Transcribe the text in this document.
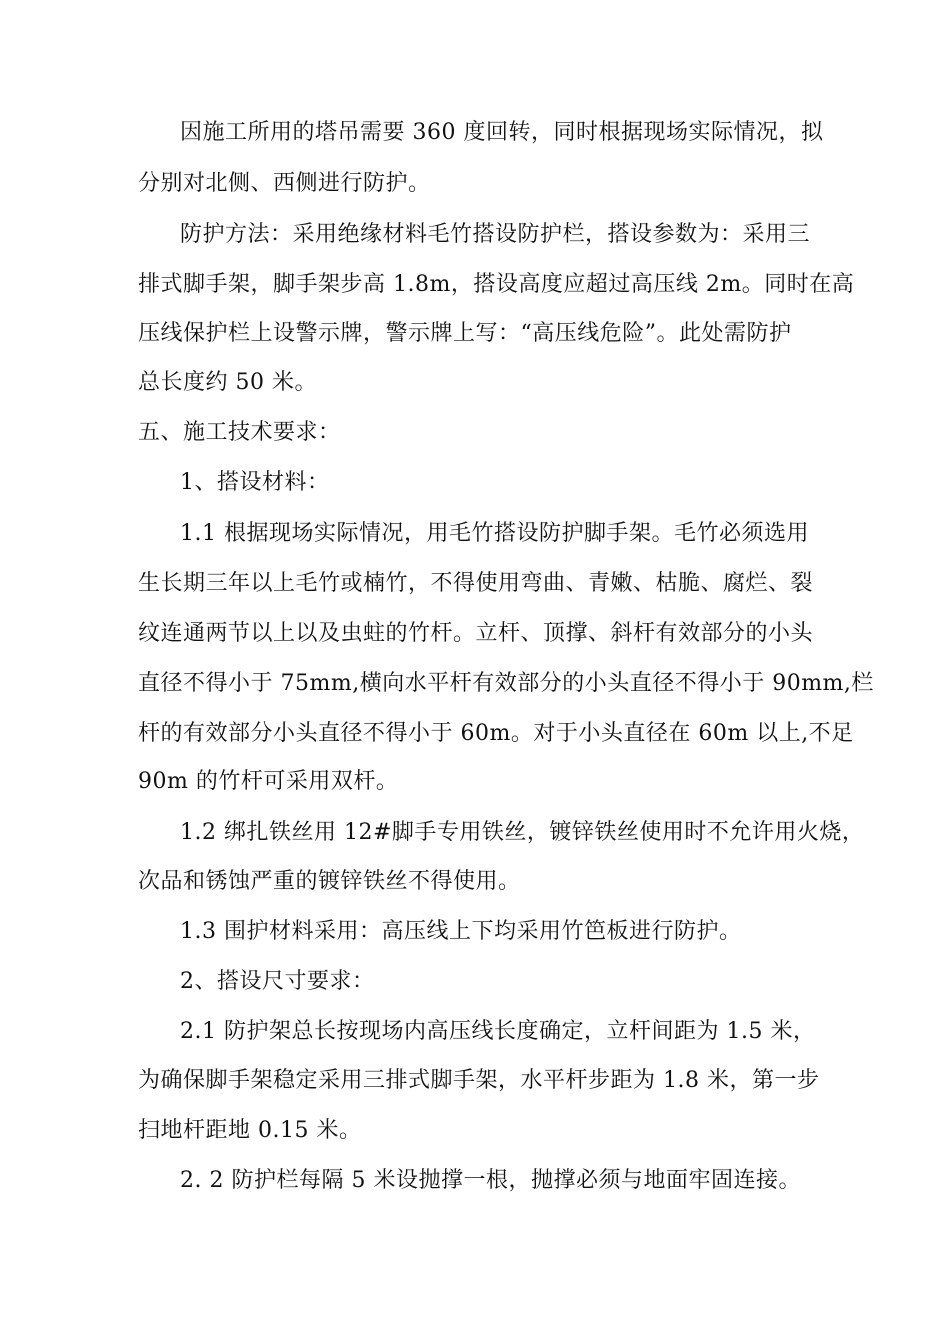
因施工所用的塔吊需要 360 度回转，同时根据现场实际情况，拟
分别对北侧、西侧进行防护。
防护方法：采用绝缘材料毛竹搭设防护栏，搭设参数为：采用三
排式脚手架，脚手架步高 1.8m，搭设高度应超过高压线 2m。同时在高
压线保护栏上设警示牌，警示牌上写：“高压线危险”。此处需防护
总长度约 50 米。
五、施工技术要求：
1、搭设材料：
1.1 根据现场实际情况，用毛竹搭设防护脚手架。毛竹必须选用
生长期三年以上毛竹或楠竹，不得使用弯曲、青嫩、枯脆、腐烂、裂
纹连通两节以上以及虫蛀的竹杆。立杆、顶撑、斜杆有效部分的小头
直径不得小于 75mm,横向水平杆有效部分的小头直径不得小于 90mm,栏
杆的有效部分小头直径不得小于 60m。对于小头直径在 60m 以上,不足
90m 的竹杆可采用双杆。
1.2 绑扎铁丝用 12#脚手专用铁丝，镀锌铁丝使用时不允许用火烧，
次品和锈蚀严重的镀锌铁丝不得使用。
1.3 围护材料采用：高压线上下均采用竹笆板进行防护。
2、搭设尺寸要求：
2.1 防护架总长按现场内高压线长度确定，立杆间距为 1.5 米，
为确保脚手架稳定采用三排式脚手架，水平杆步距为 1.8 米，第一步
扫地杆距地 0.15 米。
2. 2 防护栏每隔 5 米设抛撑一根，抛撑必须与地面牢固连接。
